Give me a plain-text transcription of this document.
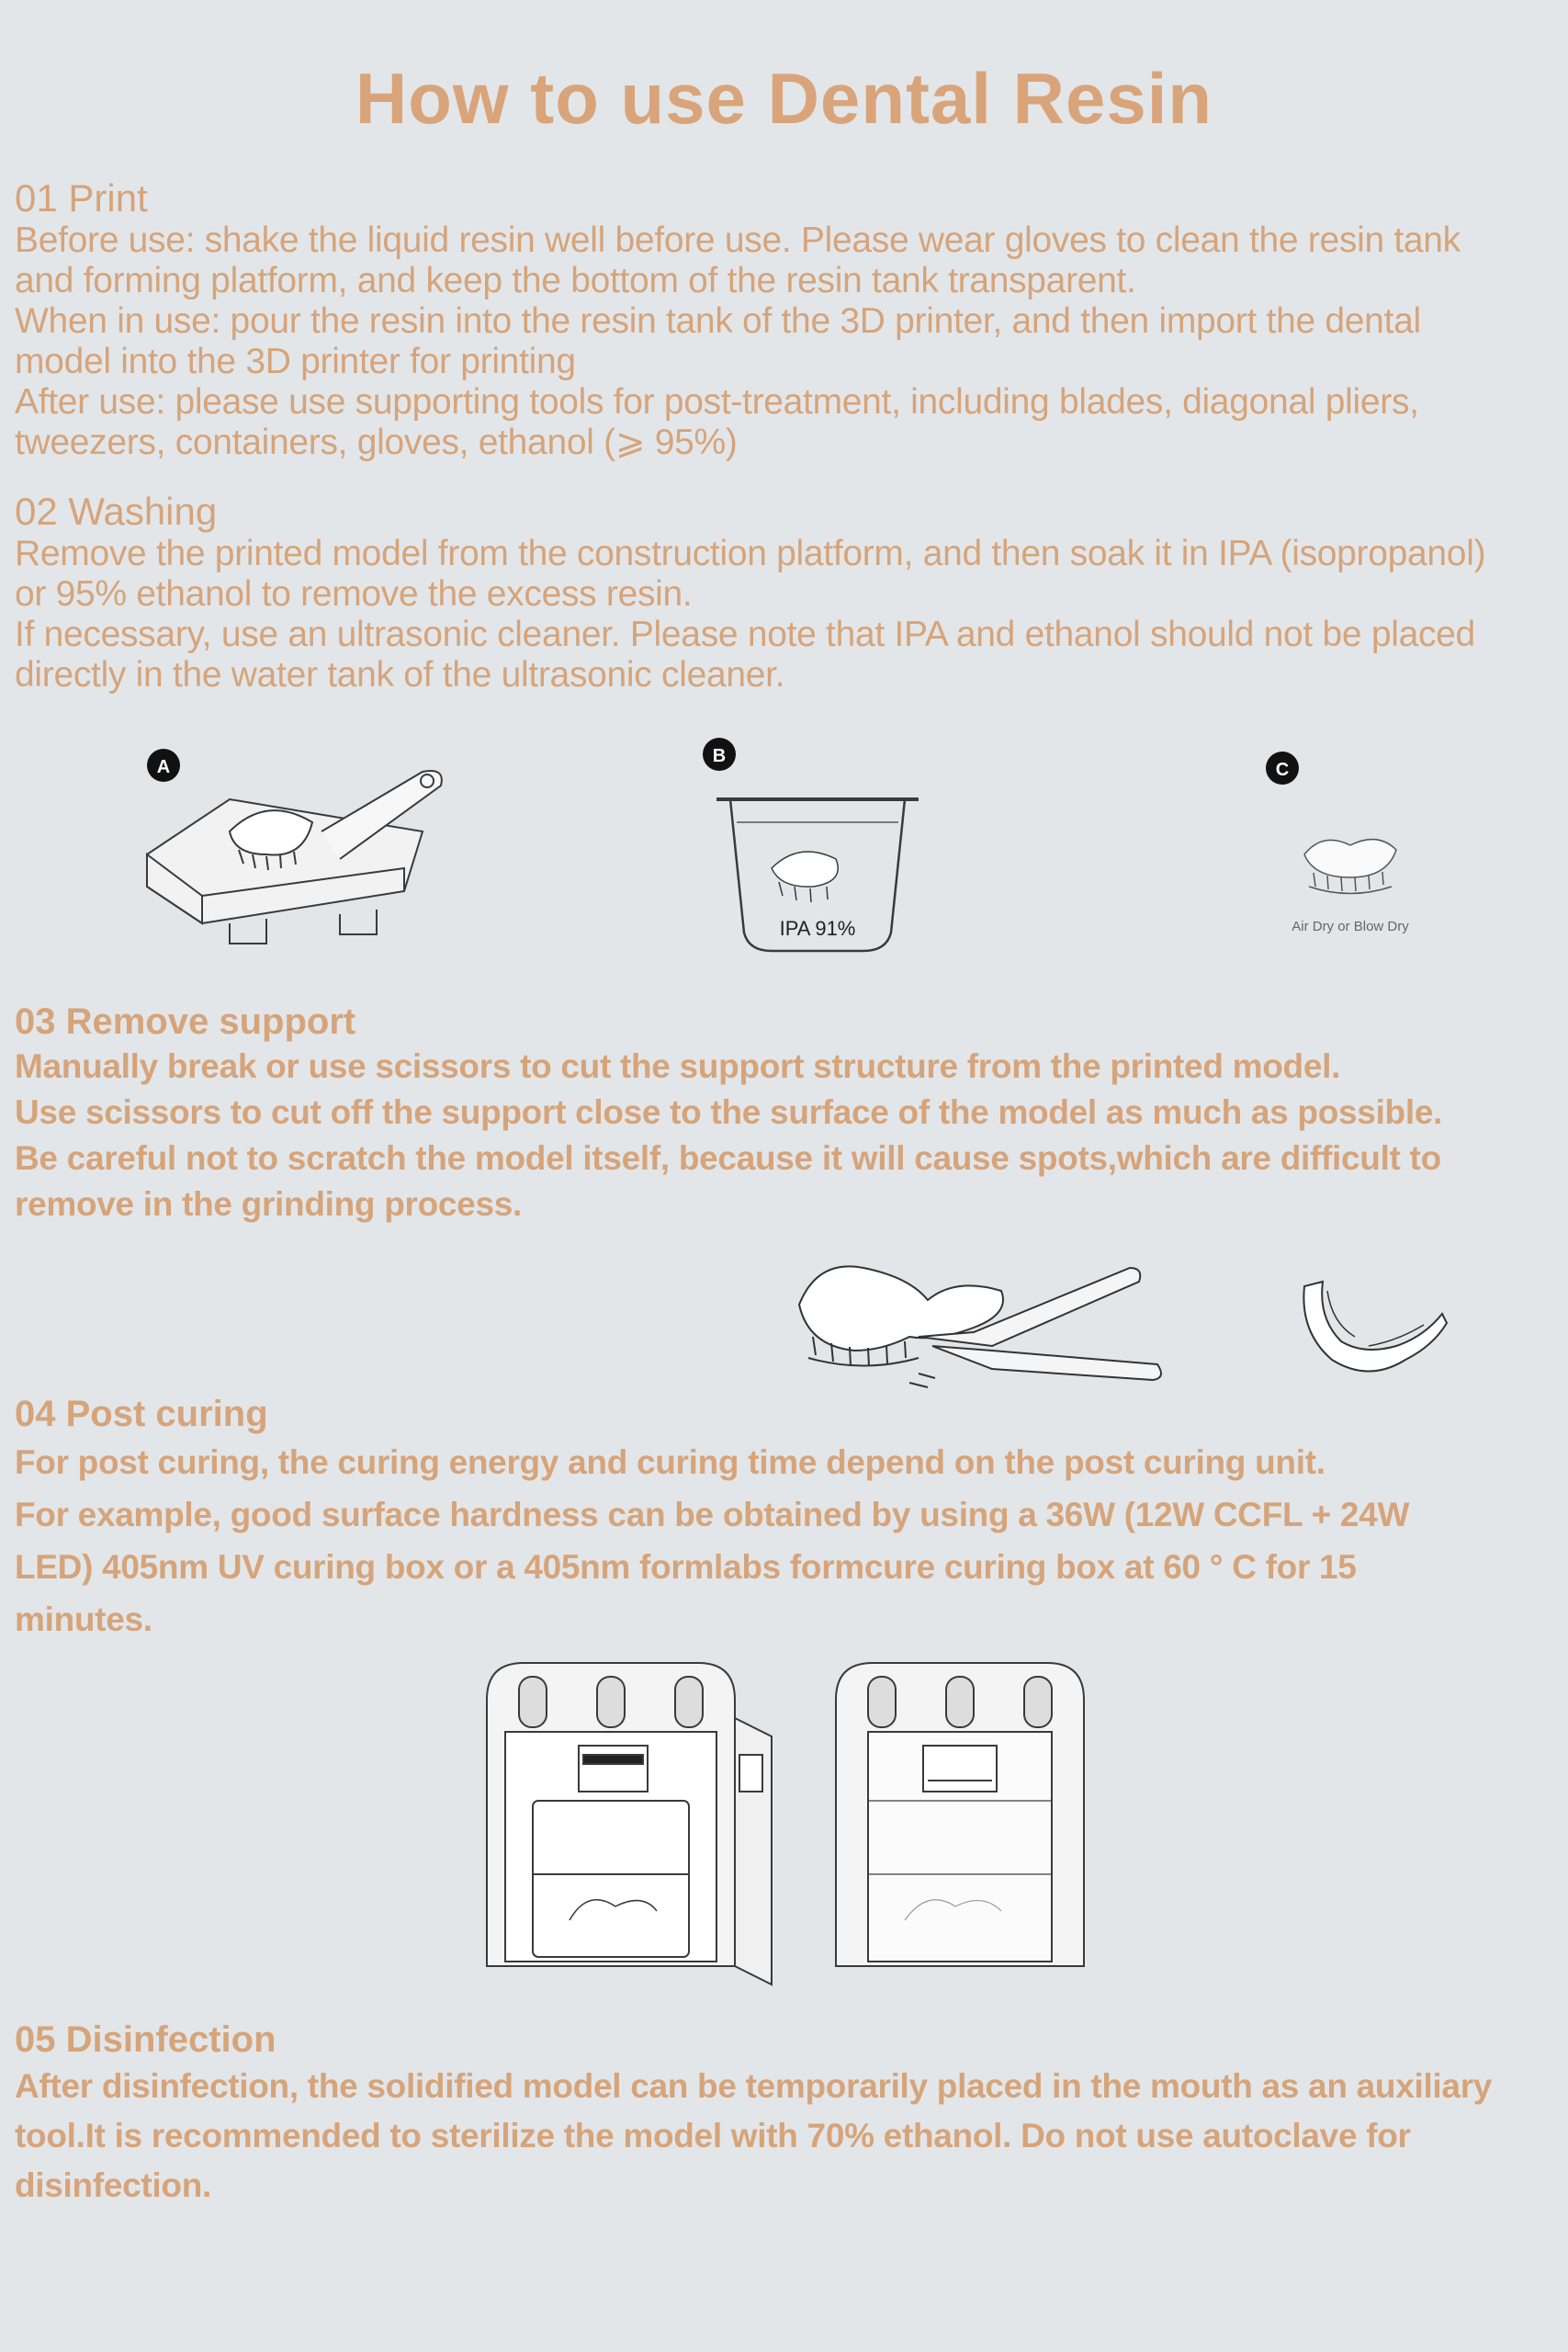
How to use Dental Resin
01 Print
Before use: shake the liquid resin well before use. Please wear gloves to clean the resin tank
and forming platform, and keep the bottom of the resin tank transparent.
When in use: pour the resin into the resin tank of the 3D printer, and then import the dental
model into the 3D printer for printing
After use: please use supporting tools for post-treatment, including blades, diagonal pliers,
tweezers, containers, gloves, ethanol (⩾ 95%)
02 Washing
Remove the printed model from the construction platform, and then soak it in IPA (isopropanol)
or 95% ethanol to remove the excess resin.
If necessary, use an ultrasonic cleaner. Please note that IPA and ethanol should not be placed
directly in the water tank of the ultrasonic cleaner.
A
B
IPA 91%
C
Air Dry or Blow Dry
03 Remove support
Manually break or use scissors to cut the support structure from the printed model.
Use scissors to cut off the support close to the surface of the model as much as possible.
Be careful not to scratch the model itself, because it will cause spots,which are difficult to
remove in the grinding process.
04 Post curing
For post curing, the curing energy and curing time depend on the post curing unit.
For example, good surface hardness can be obtained by using a 36W (12W CCFL + 24W
LED) 405nm UV curing box or a 405nm formlabs formcure curing box at 60 ° C for 15
minutes.
05 Disinfection
After disinfection, the solidified model can be temporarily placed in the mouth as an auxiliary
tool.It is recommended to sterilize the model with 70% ethanol. Do not use autoclave for
disinfection.
